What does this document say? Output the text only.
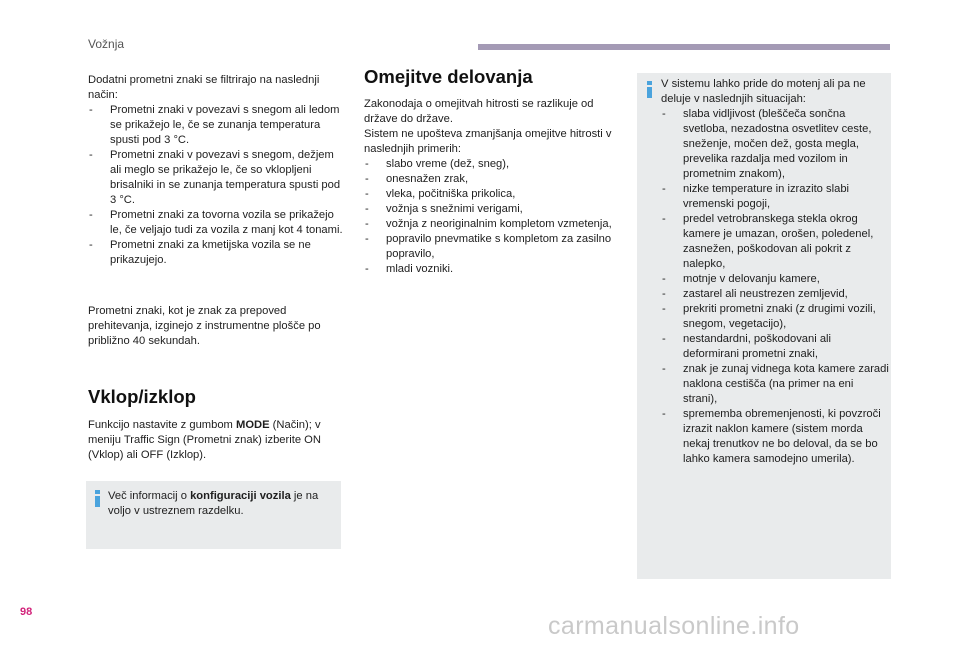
Vožnja

Dodatni prometni znaki se filtrirajo na naslednji način:

- Prometni znaki v povezavi s snegom ali ledom se prikažejo le, če se zunanja temperatura spusti pod 3 °C.
- Prometni znaki v povezavi s snegom, dežjem ali meglo se prikažejo le, če so vklopljeni brisalniki in se zunanja temperatura spusti pod 3 °C.
- Prometni znaki za tovorna vozila se prikažejo le, če veljajo tudi za vozila z manj kot 4 tonami.
- Prometni znaki za kmetijska vozila se ne prikazujejo.
Prometni znaki, kot je znak za prepoved prehitevanja, izginejo z instrumentne plošče po približno 40 sekundah.
Vklop/izklop
Funkcijo nastavite z gumbom MODE (Način); v meniju Traffic Sign (Prometni znak) izberite ON (Vklop) ali OFF (Izklop).
Več informacij o konfiguraciji vozila je na voljo v ustreznem razdelku.
Omejitve delovanja

Zakonodaja o omejitvah hitrosti se razlikuje od države do države.

Sistem ne upošteva zmanjšanja omejitve hitrosti v naslednjih primerih:

- slabo vreme (dež, sneg),
- onesnažen zrak,
- vleka, počitniška prikolica,
- vožnja s snežnimi verigami,
- vožnja z neoriginalnim kompletom vzmetenja,
- popravilo pnevmatike s kompletom za zasilno popravilo,
- mladi vozniki.

V sistemu lahko pride do motenj ali pa ne deluje v naslednjih situacijah:

- slaba vidljivost (bleščeča sončna svetloba, nezadostna osvetlitev ceste, sneženje, močen dež, gosta megla, prevelika razdalja med vozilom in prometnim znakom),
- nizke temperature in izrazito slabi vremenski pogoji,
- predel vetrobranskega stekla okrog kamere je umazan, orošen, poledenel, zasnežen, poškodovan ali pokrit z nalepko,
- motnje v delovanju kamere,
- zastarel ali neustrezen zemljevid,
- prekriti prometni znaki (z drugimi vozili, snegom, vegetacijo),
- nestandardni, poškodovani ali deformirani prometni znaki,
- znak je zunaj vidnega kota kamere zaradi naklona cestišča (na primer na eni strani),
- sprememba obremenjenosti, ki povzroči izrazit naklon kamere (sistem morda nekaj trenutkov ne bo deloval, da se bo lahko kamera samodejno umerila).
98	carmanualsonline.info
